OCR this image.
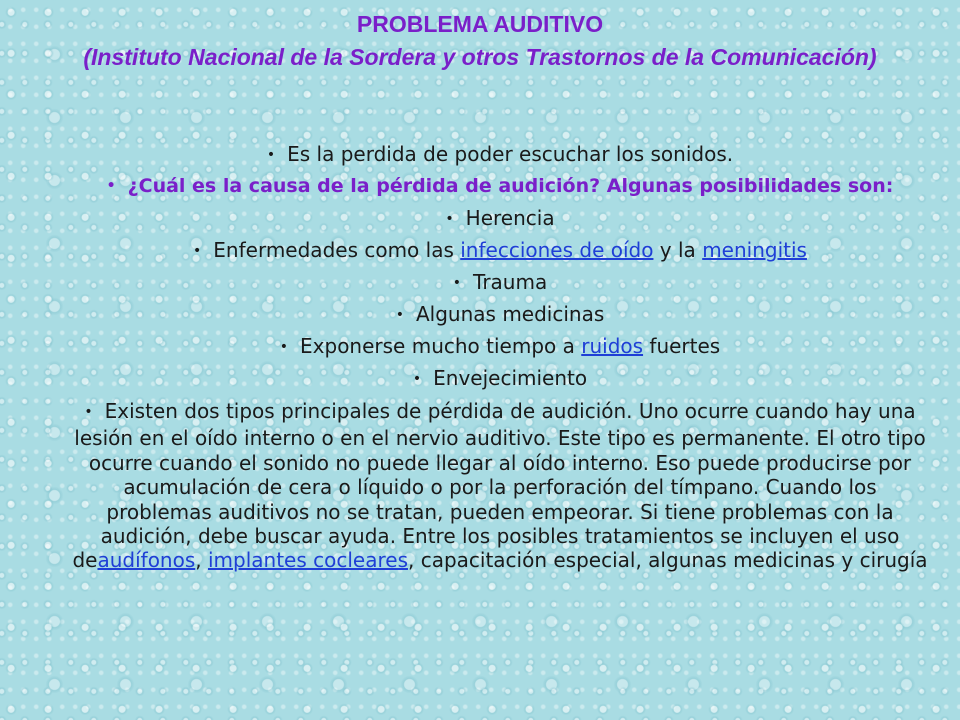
PROBLEMA AUDITIVO
(Instituto Nacional de la Sordera y otros Trastornos de la Comunicación)

• Es la perdida de poder escuchar los sonidos.

• ¿Cuál es la causa de la pérdida de audición? Algunas posibilidades son:

• Herencia

• Enfermedades como las infecciones de oído y la meningitis

• Trauma

• Algunas medicinas

• Exponerse mucho tiempo a ruidos fuertes

• Envejecimiento

• Existen dos tipos principales de pérdida de audición. Uno ocurre cuando hay una lesión en el oído interno o en el nervio auditivo. Este tipo es permanente. El otro tipo ocurre cuando el sonido no puede llegar al oído interno. Eso puede producirse por acumulación de cera o líquido o por la perforación del tímpano. Cuando los problemas auditivos no se tratan, pueden empeorar. Si tiene problemas con la audición, debe buscar ayuda. Entre los posibles tratamientos se incluyen el uso deaudífonos, implantes cocleares, capacitación especial, algunas medicinas y cirugía
